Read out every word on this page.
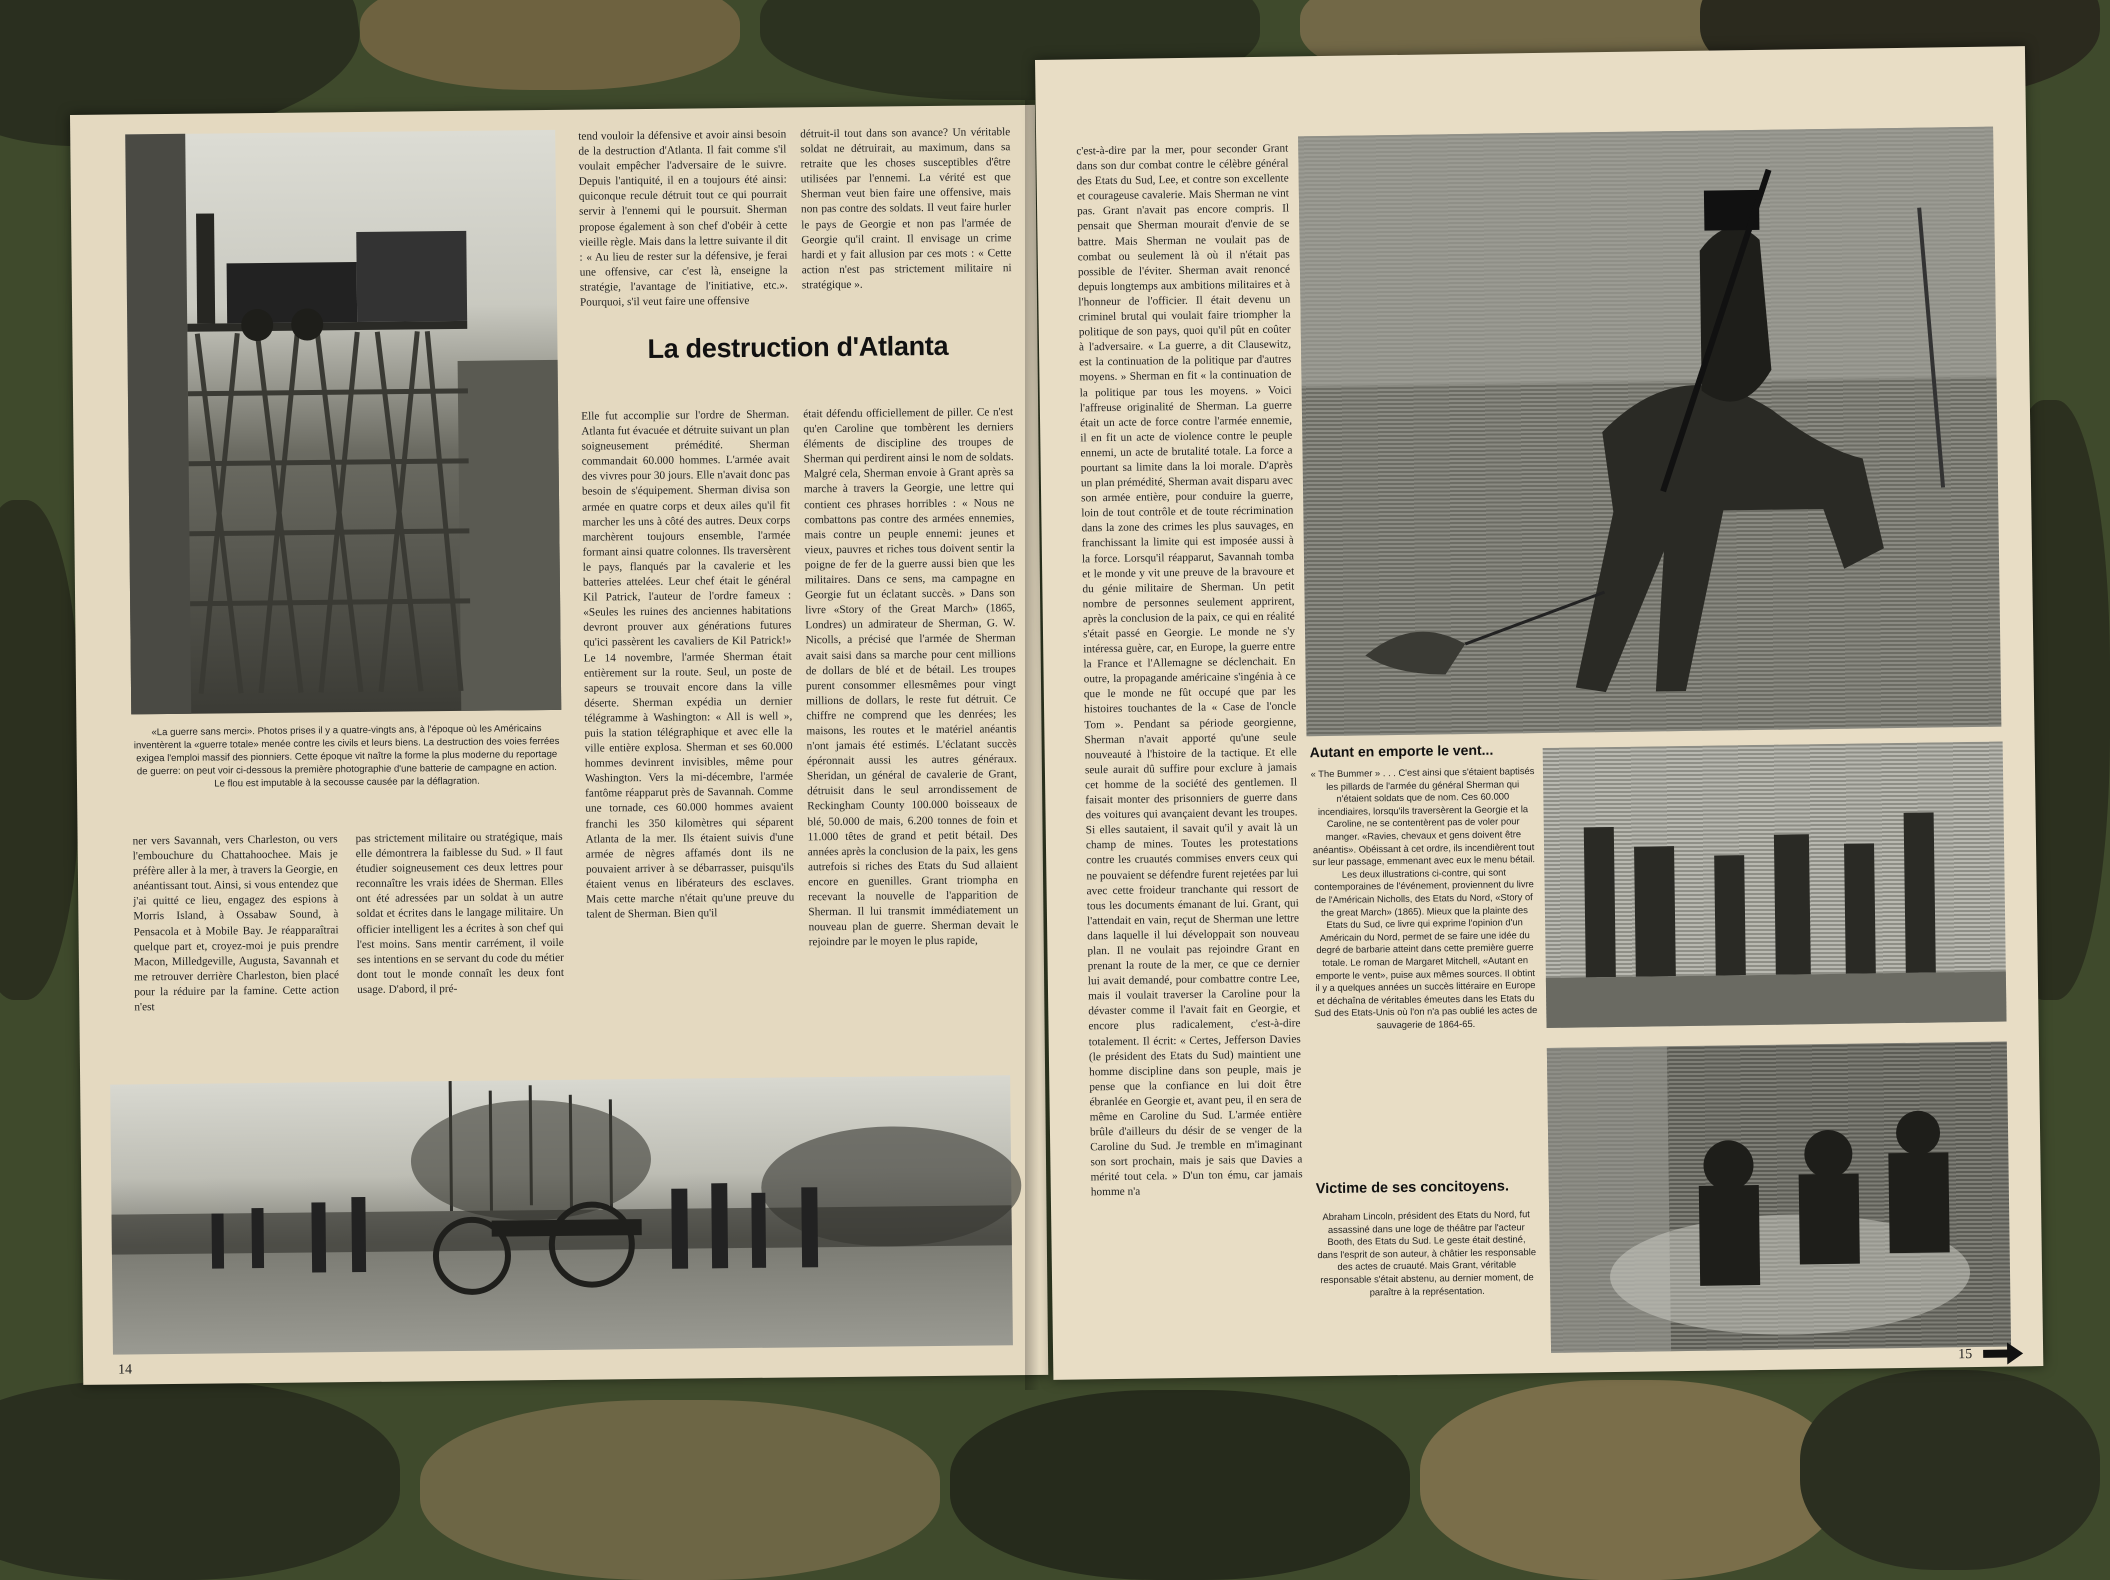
«La guerre sans merci». Photos prises il y a quatre-vingts ans, à l'époque où les Américains inventèrent la «guerre totale» menée contre les civils et leurs biens. La destruction des voies ferrées exigea l'emploi massif des pionniers. Cette époque vit naître la forme la plus moderne du reportage de guerre: on peut voir ci-dessous la première photographie d'une batterie de campagne en action. Le flou est imputable à la secousse causée par la déflagration.
tend vouloir la défensive et avoir ainsi besoin de la destruction d'Atlanta. Il fait comme s'il voulait empêcher l'adversaire de le suivre. Depuis l'antiquité, il en a toujours été ainsi: quiconque recule détruit tout ce qui pourrait servir à l'ennemi qui le poursuit. Sherman propose également à son chef d'obéir à cette vieille règle. Mais dans la lettre suivante il dit : « Au lieu de rester sur la défensive, je ferai une offensive, car c'est là, enseigne la stratégie, l'avantage de l'initiative, etc.». Pourquoi, s'il veut faire une offensive
détruit-il tout dans son avance? Un véritable soldat ne détruirait, au maximum, dans sa retraite que les choses susceptibles d'être utilisées par l'ennemi. La vérité est que Sherman veut bien faire une offensive, mais non pas contre des soldats. Il veut faire hurler le pays de Georgie et non pas l'armée de Georgie qu'il craint. Il envisage un crime hardi et y fait allusion par ces mots : « Cette action n'est pas strictement militaire ni stratégique ».
La destruction d'Atlanta
Elle fut accomplie sur l'ordre de Sherman. Atlanta fut évacuée et détruite suivant un plan soigneusement prémédité. Sherman commandait 60.000 hommes. L'armée avait des vivres pour 30 jours. Elle n'avait donc pas besoin de s'équipement. Sherman divisa son armée en quatre corps et deux ailes qu'il fit marcher les uns à côté des autres. Deux corps marchèrent toujours ensemble, l'armée formant ainsi quatre colonnes. Ils traversèrent le pays, flanqués par la cavalerie et les batteries attelées. Leur chef était le général Kil Patrick, l'auteur de l'ordre fameux : «Seules les ruines des anciennes habitations devront prouver aux générations futures qu'ici passèrent les cavaliers de Kil Patrick!» Le 14 novembre, l'armée Sherman était entièrement sur la route. Seul, un poste de sapeurs se trouvait encore dans la ville déserte. Sherman expédia un dernier télégramme à Washington: « All is well », puis la station télégraphique et avec elle la ville entière explosa. Sherman et ses 60.000 hommes devinrent invisibles, même pour Washington. Vers la mi-décembre, l'armée fantôme réapparut près de Savannah. Comme une tornade, ces 60.000 hommes avaient franchi les 350 kilomètres qui séparent Atlanta de la mer. Ils étaient suivis d'une armée de nègres affamés dont ils ne pouvaient arriver à se débarrasser, puisqu'ils étaient venus en libérateurs des esclaves. Mais cette marche n'était qu'une preuve du talent de Sherman. Bien qu'il
était défendu officiellement de piller. Ce n'est qu'en Caroline que tombèrent les derniers éléments de discipline des troupes de Sherman qui perdirent ainsi le nom de soldats. Malgré cela, Sherman envoie à Grant après sa marche à travers la Georgie, une lettre qui contient ces phrases horribles : « Nous ne combattons pas contre des armées ennemies, mais contre un peuple ennemi: jeunes et vieux, pauvres et riches tous doivent sentir la poigne de fer de la guerre aussi bien que les militaires. Dans ce sens, ma campagne en Georgie fut un éclatant succès. » Dans son livre «Story of the Great March» (1865, Londres) un admirateur de Sherman, G. W. Nicolls, a précisé que l'armée de Sherman avait saisi dans sa marche pour cent millions de dollars de blé et de bétail. Les troupes purent consommer ellesmêmes pour vingt millions de dollars, le reste fut détruit. Ce chiffre ne comprend que les denrées; les maisons, les routes et le matériel anéantis n'ont jamais été estimés. L'éclatant succès épéronnait aussi les autres généraux. Sheridan, un général de cavalerie de Grant, détruisit dans le seul arrondissement de Reckingham County 100.000 boisseaux de blé, 50.000 de mais, 6.200 tonnes de foin et 11.000 têtes de grand et petit bétail. Des années après la conclusion de la paix, les gens autrefois si riches des Etats du Sud allaient encore en guenilles. Grant triompha en recevant la nouvelle de l'apparition de Sherman. Il lui transmit immédiatement un nouveau plan de guerre. Sherman devait le rejoindre par le moyen le plus rapide,
ner vers Savannah, vers Charleston, ou vers l'embouchure du Chattahoochee. Mais je préfère aller à la mer, à travers la Georgie, en anéantissant tout. Ainsi, si vous entendez que j'ai quitté ce lieu, engagez des espions à Morris Island, à Ossabaw Sound, à Pensacola et à Mobile Bay. Je réapparaîtrai quelque part et, croyez-moi je puis prendre Macon, Milledgeville, Augusta, Savannah et me retrouver derrière Charleston, bien placé pour la réduire par la famine. Cette action n'est
pas strictement militaire ou stratégique, mais elle démontrera la faiblesse du Sud. » Il faut étudier soigneusement ces deux lettres pour reconnaître les vrais idées de Sherman. Elles ont été adressées par un soldat à un autre soldat et écrites dans le langage militaire. Un officier intelligent les a écrites à son chef qui l'est moins. Sans mentir carrément, il voile ses intentions en se servant du code du métier dont tout le monde connaît les deux font usage. D'abord, il pré-
14
c'est-à-dire par la mer, pour seconder Grant dans son dur combat contre le célèbre général des Etats du Sud, Lee, et contre son excellente et courageuse cavalerie. Mais Sherman ne vint pas. Grant n'avait pas encore compris. Il pensait que Sherman mourait d'envie de se battre. Mais Sherman ne voulait pas de combat ou seulement là où il n'était pas possible de l'éviter. Sherman avait renoncé depuis longtemps aux ambitions militaires et à l'honneur de l'officier. Il était devenu un criminel brutal qui voulait faire triompher la politique de son pays, quoi qu'il pût en coûter à l'adversaire. « La guerre, a dit Clausewitz, est la continuation de la politique par d'autres moyens. » Sherman en fit « la continuation de la politique par tous les moyens. » Voici l'affreuse originalité de Sherman. La guerre était un acte de force contre l'armée ennemie, il en fit un acte de violence contre le peuple ennemi, un acte de brutalité totale. La force a pourtant sa limite dans la loi morale. D'après un plan prémédité, Sherman avait disparu avec son armée entière, pour conduire la guerre, loin de tout contrôle et de toute récrimination dans la zone des crimes les plus sauvages, en franchissant la limite qui est imposée aussi à la force. Lorsqu'il réapparut, Savannah tomba et le monde y vit une preuve de la bravoure et du génie militaire de Sherman. Un petit nombre de personnes seulement apprirent, après la conclusion de la paix, ce qui en réalité s'était passé en Georgie. Le monde ne s'y intéressa guère, car, en Europe, la guerre entre la France et l'Allemagne se déclenchait. En outre, la propagande américaine s'ingénia à ce que le monde ne fût occupé que par les histoires touchantes de la « Case de l'oncle Tom ». Pendant sa période georgienne, Sherman n'avait apporté qu'une seule nouveauté à l'histoire de la tactique. Et elle seule aurait dû suffire pour exclure à jamais cet homme de la société des gentlemen. Il faisait monter des prisonniers de guerre dans des voitures qui avançaient devant les troupes. Si elles sautaient, il savait qu'il y avait là un champ de mines. Toutes les protestations contre les cruautés commises envers ceux qui ne pouvaient se défendre furent rejetées par lui avec cette froideur tranchante qui ressort de tous les documents émanant de lui. Grant, qui l'attendait en vain, reçut de Sherman une lettre dans laquelle il lui développait son nouveau plan. Il ne voulait pas rejoindre Grant en prenant la route de la mer, ce que ce dernier lui avait demandé, pour combattre contre Lee, mais il voulait traverser la Caroline pour la dévaster comme il l'avait fait en Georgie, et encore plus radicalement, c'est-à-dire totalement. Il écrit: « Certes, Jefferson Davies (le président des Etats du Sud) maintient une homme discipline dans son peuple, mais je pense que la confiance en lui doit être ébranlée en Georgie et, avant peu, il en sera de même en Caroline du Sud. L'armée entière brûle d'ailleurs du désir de se venger de la Caroline du Sud. Je tremble en m'imaginant son sort prochain, mais je sais que Davies a mérité tout cela. » D'un ton ému, car jamais homme n'a
Autant en emporte le vent...
« The Bummer » . . . C'est ainsi que s'étaient baptisés les pillards de l'armée du général Sherman qui n'étaient soldats que de nom. Ces 60.000 incendiaires, lorsqu'ils traversèrent la Georgie et la Caroline, ne se contentèrent pas de voler pour manger. «Ravies, chevaux et gens doivent être anéantis». Obéissant à cet ordre, ils incendièrent tout sur leur passage, emmenant avec eux le menu bétail. Les deux illustrations ci-contre, qui sont contemporaines de l'événement, proviennent du livre de l'Américain Nicholls, des Etats du Nord, «Story of the great March» (1865). Mieux que la plainte des Etats du Sud, ce livre qui exprime l'opinion d'un Américain du Nord, permet de se faire une idée du degré de barbarie atteint dans cette première guerre totale. Le roman de Margaret Mitchell, «Autant en emporte le vent», puise aux mêmes sources. Il obtint il y a quelques années un succès littéraire en Europe et déchaîna de véritables émeutes dans les Etats du Sud des Etats-Unis où l'on n'a pas oublié les actes de sauvagerie de 1864-65.
Victime de ses concitoyens.
Abraham Lincoln, président des Etats du Nord, fut assassiné dans une loge de théâtre par l'acteur Booth, des Etats du Sud. Le geste était destiné, dans l'esprit de son auteur, à châtier les responsable des actes de cruauté. Mais Grant, véritable responsable s'était abstenu, au dernier moment, de paraître à la représentation.
15
